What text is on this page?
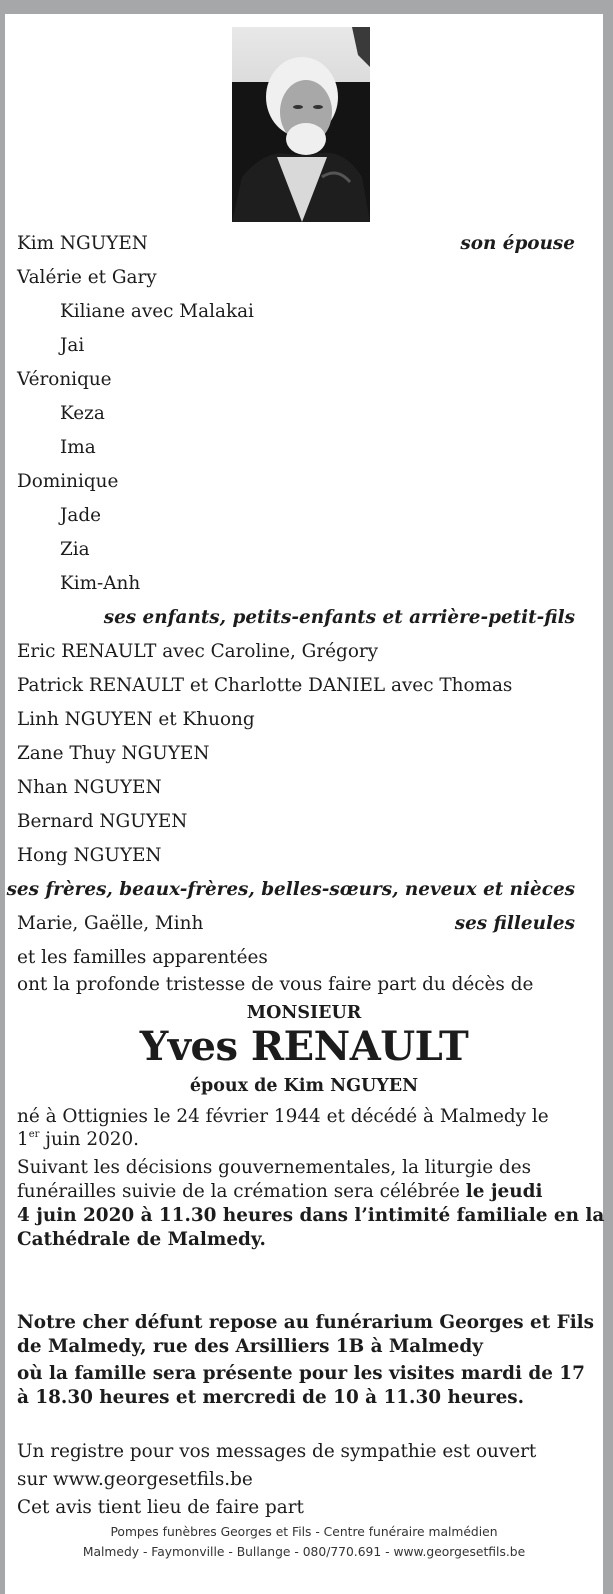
Kim NGUYEN	son épouse
Valérie et Gary
Kiliane avec Malakai
Jai
Véronique
Keza
Ima
Dominique
Jade
Zia
Kim-Anh
ses enfants, petits-enfants et arrière-petit-fils
Eric RENAULT avec Caroline, Grégory
Patrick RENAULT et Charlotte DANIEL avec Thomas
Linh NGUYEN et Khuong
Zane Thuy NGUYEN
Nhan NGUYEN
Bernard NGUYEN
Hong NGUYEN
ses frères, beaux-frères, belles-sœurs, neveux et nièces
Marie, Gaëlle, Minh	ses filleules
et les familles apparentées
ont la profonde tristesse de vous faire part du décès de
MONSIEUR
Yves RENAULT
époux de Kim NGUYEN
né à Ottignies le 24 février 1944 et décédé à Malmedy le
1er juin 2020.
Suivant les décisions gouvernementales, la liturgie des
funérailles suivie de la crémation sera célébrée le jeudi
4 juin 2020 à 11.30 heures dans l’intimité familiale en la
Cathédrale de Malmedy.
Notre cher défunt repose au funérarium Georges et Fils
de Malmedy, rue des Arsilliers 1B à Malmedy
où la famille sera présente pour les visites mardi de 17
à 18.30 heures et mercredi de 10 à 11.30 heures.
Un registre pour vos messages de sympathie est ouvert
sur www.georgesetfils.be
Cet avis tient lieu de faire part
Pompes funèbres Georges et Fils - Centre funéraire malmédien
Malmedy - Faymonville - Bullange - 080/770.691 - www.georgesetfils.be
